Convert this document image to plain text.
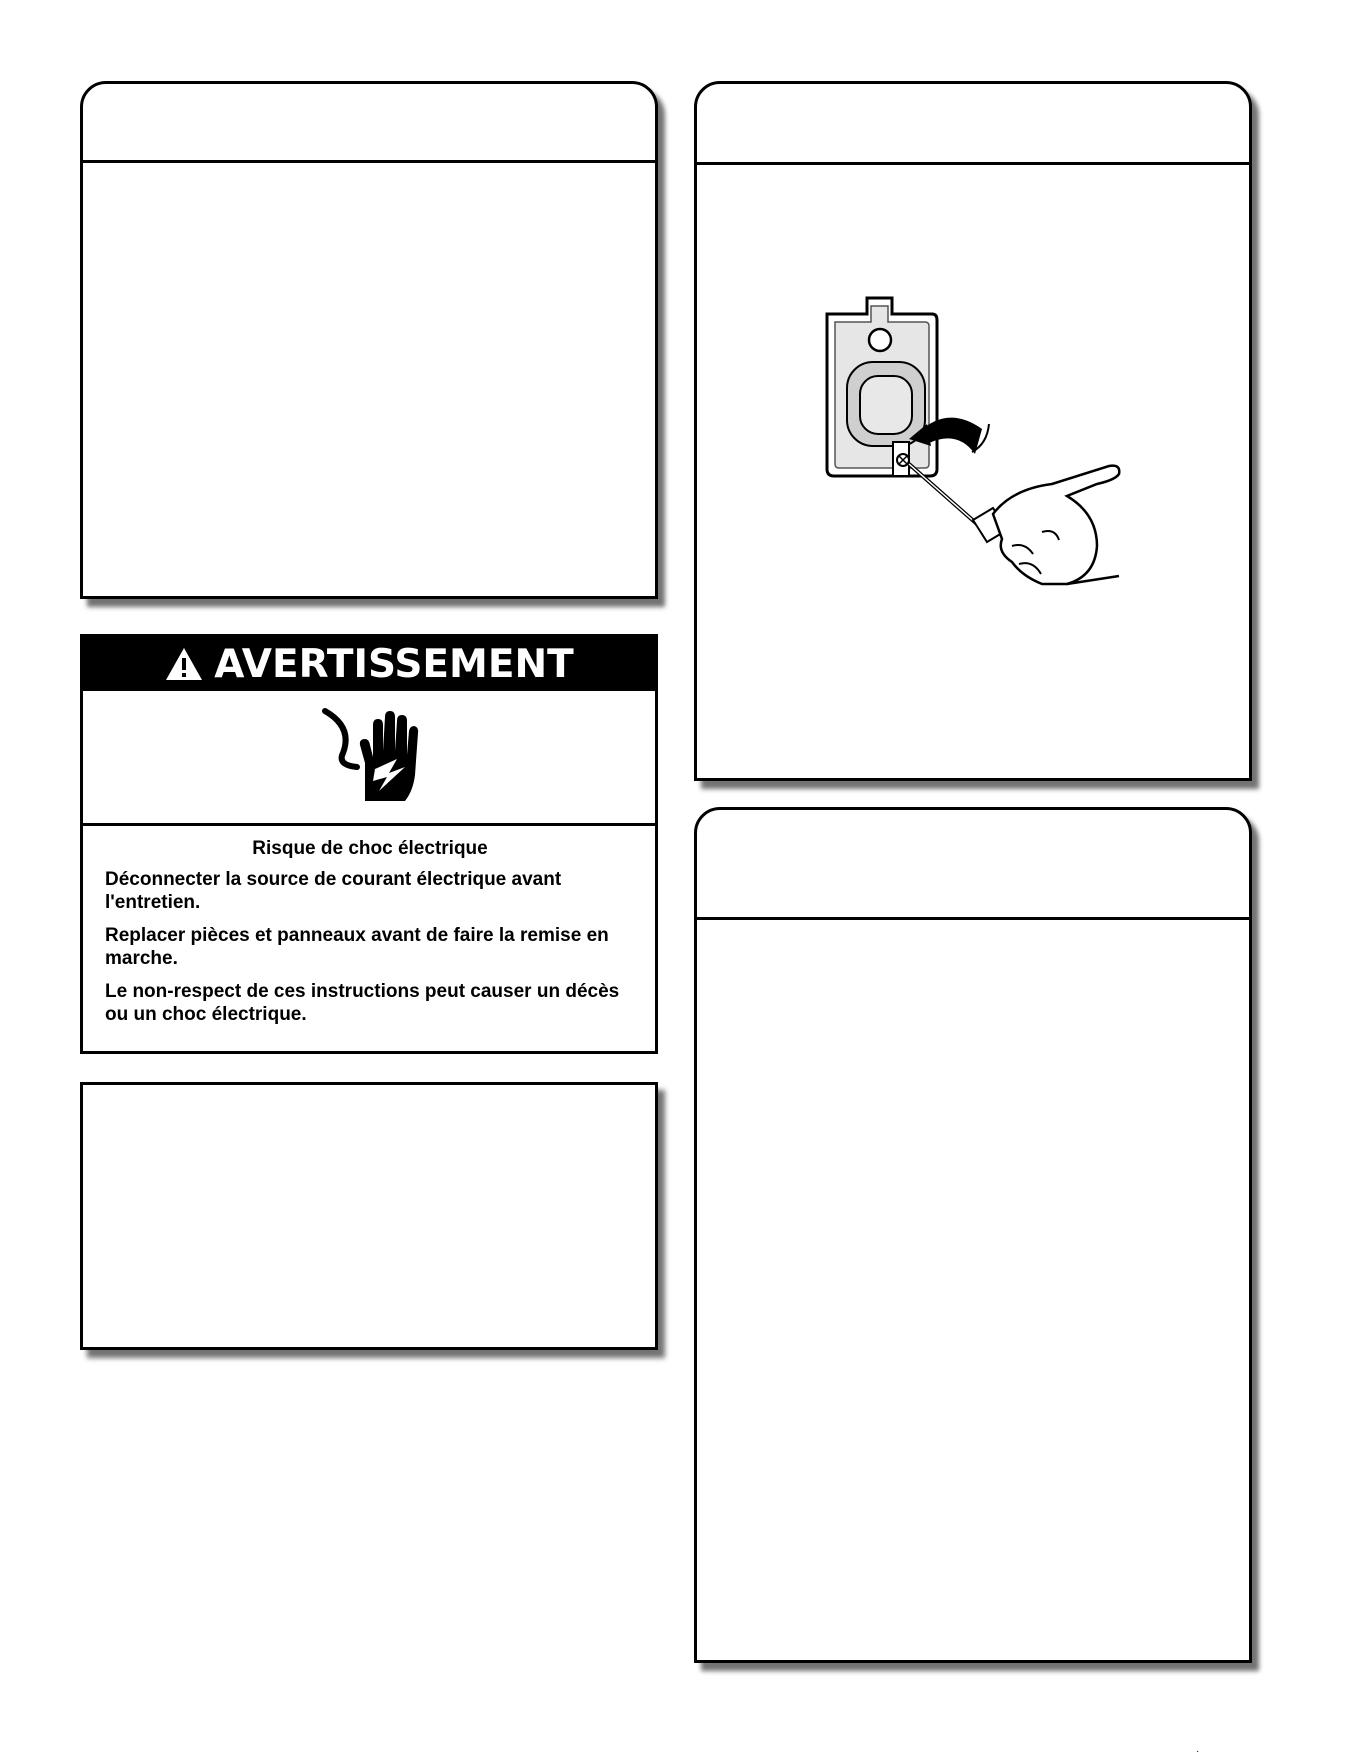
AVERTISSEMENT

Risque de choc électrique

Déconnecter la source de courant électrique avant l'entretien.

Replacer pièces et panneaux avant de faire la remise en marche.

Le non-respect de ces instructions peut causer un décès ou un choc électrique.

·
